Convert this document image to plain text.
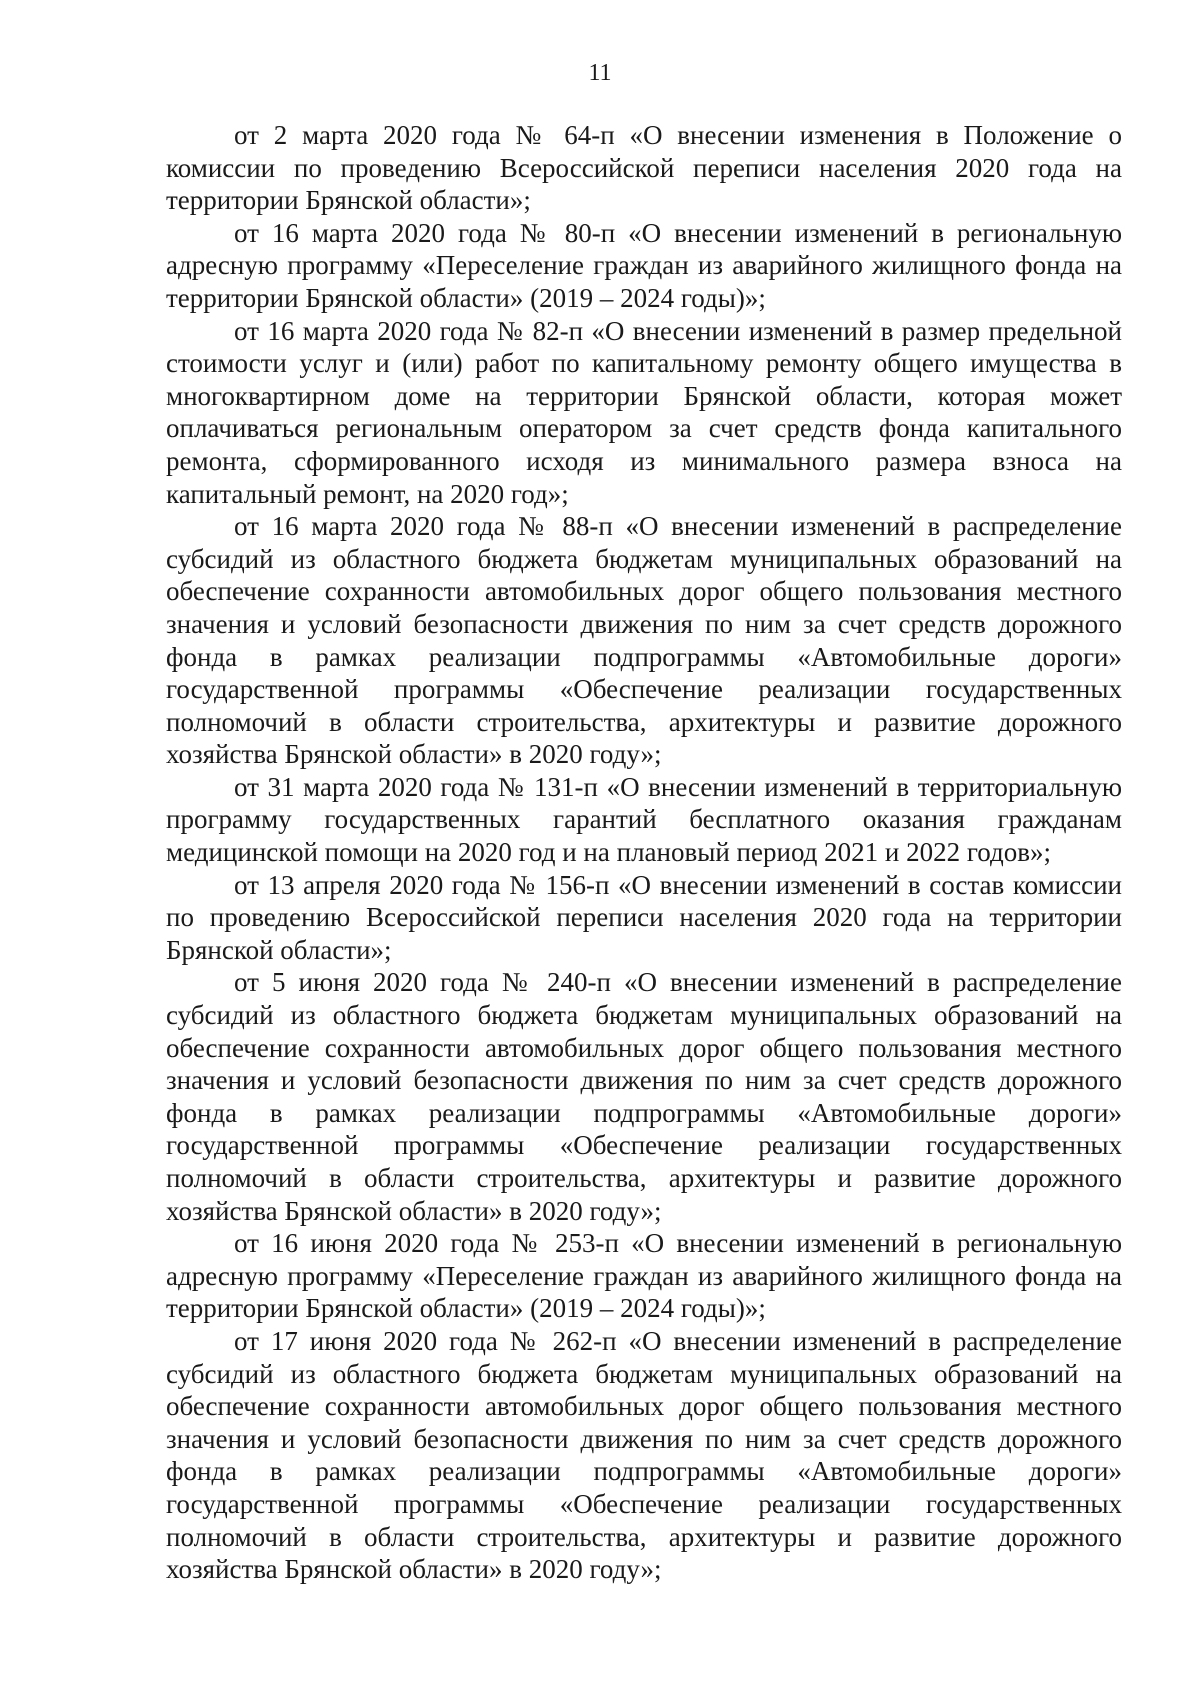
11

от 2 марта 2020 года № 64-п «О внесении изменения в Положение о комиссии по проведению Всероссийской переписи населения 2020 года на территории Брянской области»;

от 16 марта 2020 года № 80-п «О внесении изменений в региональную адресную программу «Переселение граждан из аварийного жилищного фонда на территории Брянской области» (2019 – 2024 годы)»;

от 16 марта 2020 года № 82-п «О внесении изменений в размер предельной стоимости услуг и (или) работ по капитальному ремонту общего имущества в многоквартирном доме на территории Брянской области, которая может оплачиваться региональным оператором за счет средств фонда капитального ремонта, сформированного исходя из минимального размера взноса на капитальный ремонт, на 2020 год»;

от 16 марта 2020 года № 88-п «О внесении изменений в распределение субсидий из областного бюджета бюджетам муниципальных образований на обеспечение сохранности автомобильных дорог общего пользования местного значения и условий безопасности движения по ним за счет средств дорожного фонда в рамках реализации подпрограммы «Автомобильные дороги» государственной программы «Обеспечение реализации государственных полномочий в области строительства, архитектуры и развитие дорожного хозяйства Брянской области» в 2020 году»;

от 31 марта 2020 года № 131-п «О внесении изменений в территориальную программу государственных гарантий бесплатного оказания гражданам медицинской помощи на 2020 год и на плановый период 2021 и 2022 годов»;

от 13 апреля 2020 года № 156-п «О внесении изменений в состав комиссии по проведению Всероссийской переписи населения 2020 года на территории Брянской области»;

от 5 июня 2020 года № 240-п «О внесении изменений в распределение субсидий из областного бюджета бюджетам муниципальных образований на обеспечение сохранности автомобильных дорог общего пользования местного значения и условий безопасности движения по ним за счет средств дорожного фонда в рамках реализации подпрограммы «Автомобильные дороги» государственной программы «Обеспечение реализации государственных полномочий в области строительства, архитектуры и развитие дорожного хозяйства Брянской области» в 2020 году»;

от 16 июня 2020 года № 253-п «О внесении изменений в региональную адресную программу «Переселение граждан из аварийного жилищного фонда на территории Брянской области» (2019 – 2024 годы)»;

от 17 июня 2020 года № 262-п «О внесении изменений в распределение субсидий из областного бюджета бюджетам муниципальных образований на обеспечение сохранности автомобильных дорог общего пользования местного значения и условий безопасности движения по ним за счет средств дорожного фонда в рамках реализации подпрограммы «Автомобильные дороги» государственной программы «Обеспечение реализации государственных полномочий в области строительства, архитектуры и развитие дорожного хозяйства Брянской области» в 2020 году»;
